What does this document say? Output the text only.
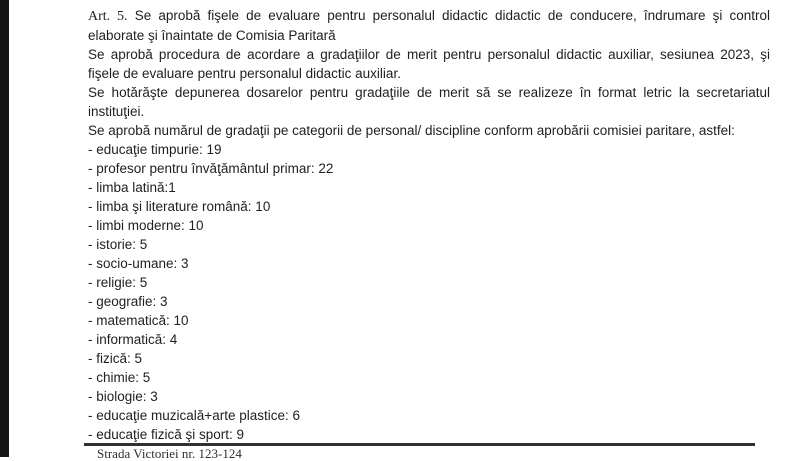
Art. 5. Se aprobă fişele de evaluare pentru personalul didactic didactic de conducere, îndrumare şi control
elaborate şi înaintate de Comisia Paritară
Se aprobă procedura de acordare a gradaţiilor de merit pentru personalul didactic auxiliar, sesiunea 2023, şi
fişele de evaluare pentru personalul didactic auxiliar.
Se hotărăşte depunerea dosarelor pentru gradaţiile de merit să se realizeze în format letric la secretariatul
instituţiei.
Se aprobă numărul de gradaţii pe categorii de personal/ discipline conform aprobării comisiei paritare, astfel:
- educaţie timpurie: 19
- profesor pentru învăţământul primar: 22
- limba latină:1
- limba şi literature română: 10
- limbi moderne: 10
- istorie: 5
- socio-umane: 3
- religie: 5
- geografie: 3
- matematică: 10
- informatică: 4
- fizică: 5
- chimie: 5
- biologie: 3
- educaţie muzicală+arte plastice: 6
- educaţie fizică şi sport: 9
Strada Victoriei nr. 123-124
